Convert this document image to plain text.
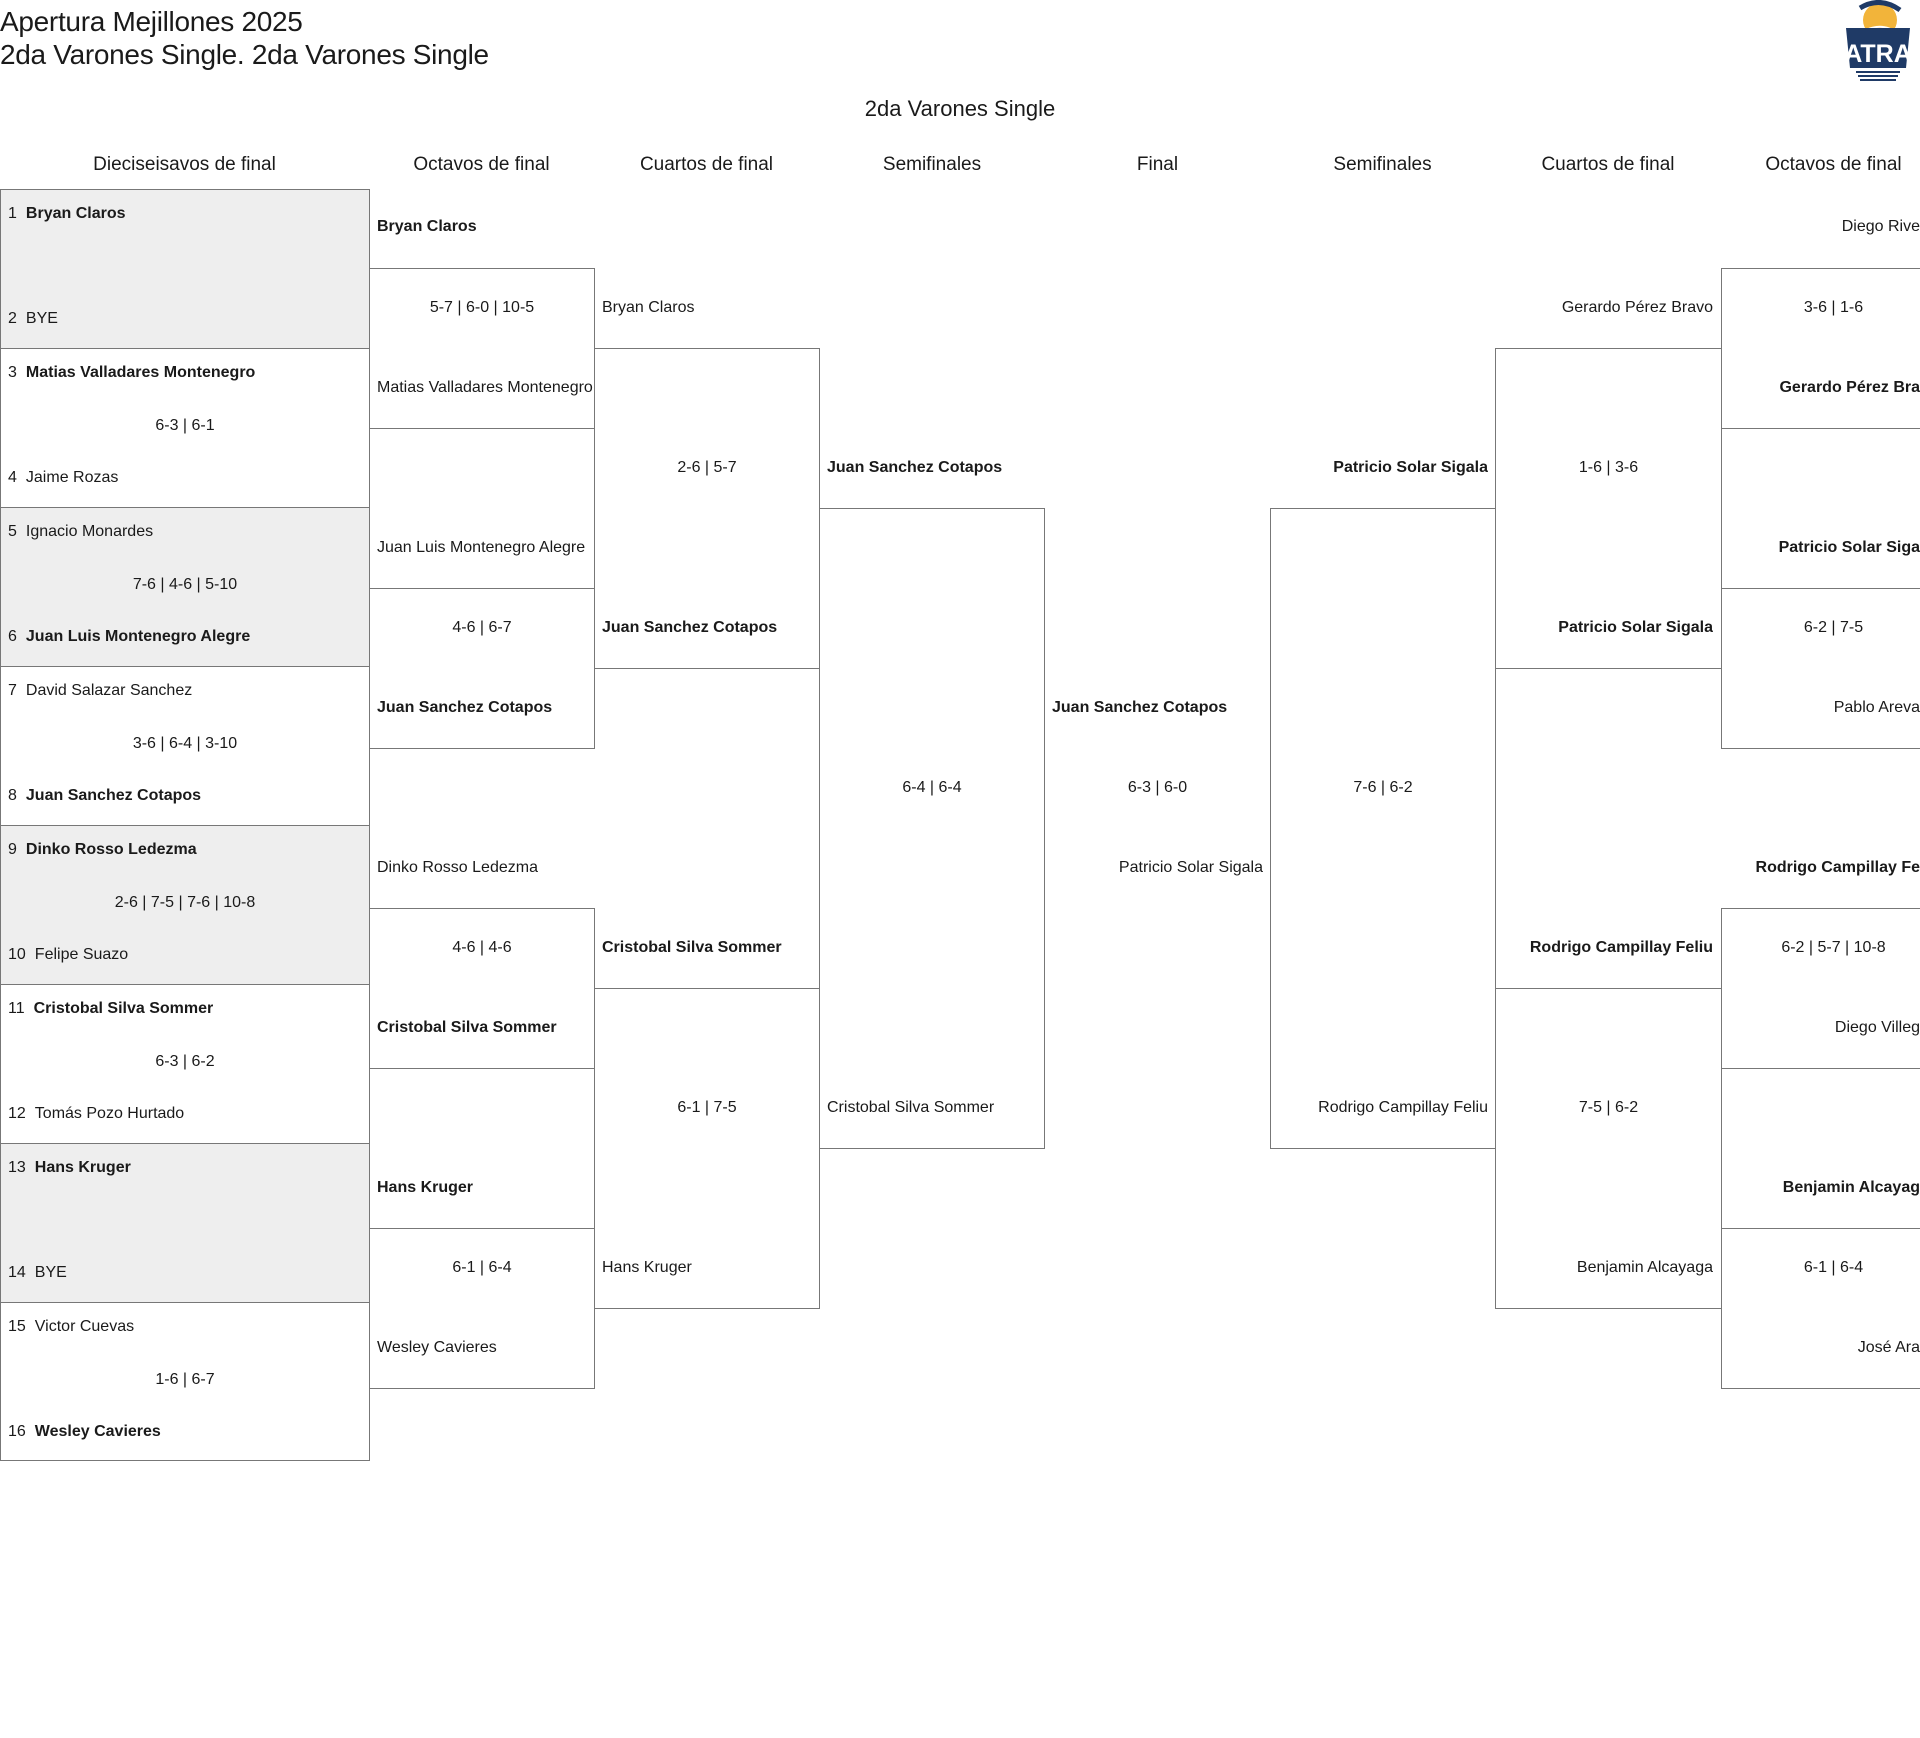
Apertura Mejillones 2025
2da Varones Single. 2da Varones Single	ATRA
2da Varones Single
Dieciseisavos de final	Octavos de final	Cuartos de final	Semifinales	Final	Semifinales	Cuartos de final	Octavos de final
1 Bryan Claros
2 BYE
3 Matias Valladares Montenegro
6-3 | 6-1
4 Jaime Rozas
5 Ignacio Monardes
7-6 | 4-6 | 5-10
6 Juan Luis Montenegro Alegre
7 David Salazar Sanchez
3-6 | 6-4 | 3-10
8 Juan Sanchez Cotapos
9 Dinko Rosso Ledezma
2-6 | 7-5 | 7-6 | 10-8
10 Felipe Suazo
11 Cristobal Silva Sommer
6-3 | 6-2
12 Tomás Pozo Hurtado
13 Hans Kruger
14 BYE
15 Victor Cuevas
1-6 | 6-7
16 Wesley Cavieres
Bryan Claros
5-7 | 6-0 | 10-5
Matias Valladares Montenegro
Juan Luis Montenegro Alegre
4-6 | 6-7
Juan Sanchez Cotapos
Dinko Rosso Ledezma
4-6 | 4-6
Cristobal Silva Sommer
Hans Kruger
6-1 | 6-4
Wesley Cavieres
Bryan Claros
2-6 | 5-7
Juan Sanchez Cotapos
Cristobal Silva Sommer
6-1 | 7-5
Hans Kruger
Juan Sanchez Cotapos
6-4 | 6-4
Cristobal Silva Sommer
Juan Sanchez Cotapos
6-3 | 6-0
Patricio Solar Sigala
Patricio Solar Sigala
7-6 | 6-2
Rodrigo Campillay Feliu
Gerardo Pérez Bravo
1-6 | 3-6
Patricio Solar Sigala
Rodrigo Campillay Feliu
7-5 | 6-2
Benjamin Alcayaga
Diego Rive
3-6 | 1-6
Gerardo Pérez Bra
Patricio Solar Siga
6-2 | 7-5
Pablo Areva
Rodrigo Campillay Fe
6-2 | 5-7 | 10-8
Diego Villeg
Benjamin Alcayag
6-1 | 6-4
José Ara
